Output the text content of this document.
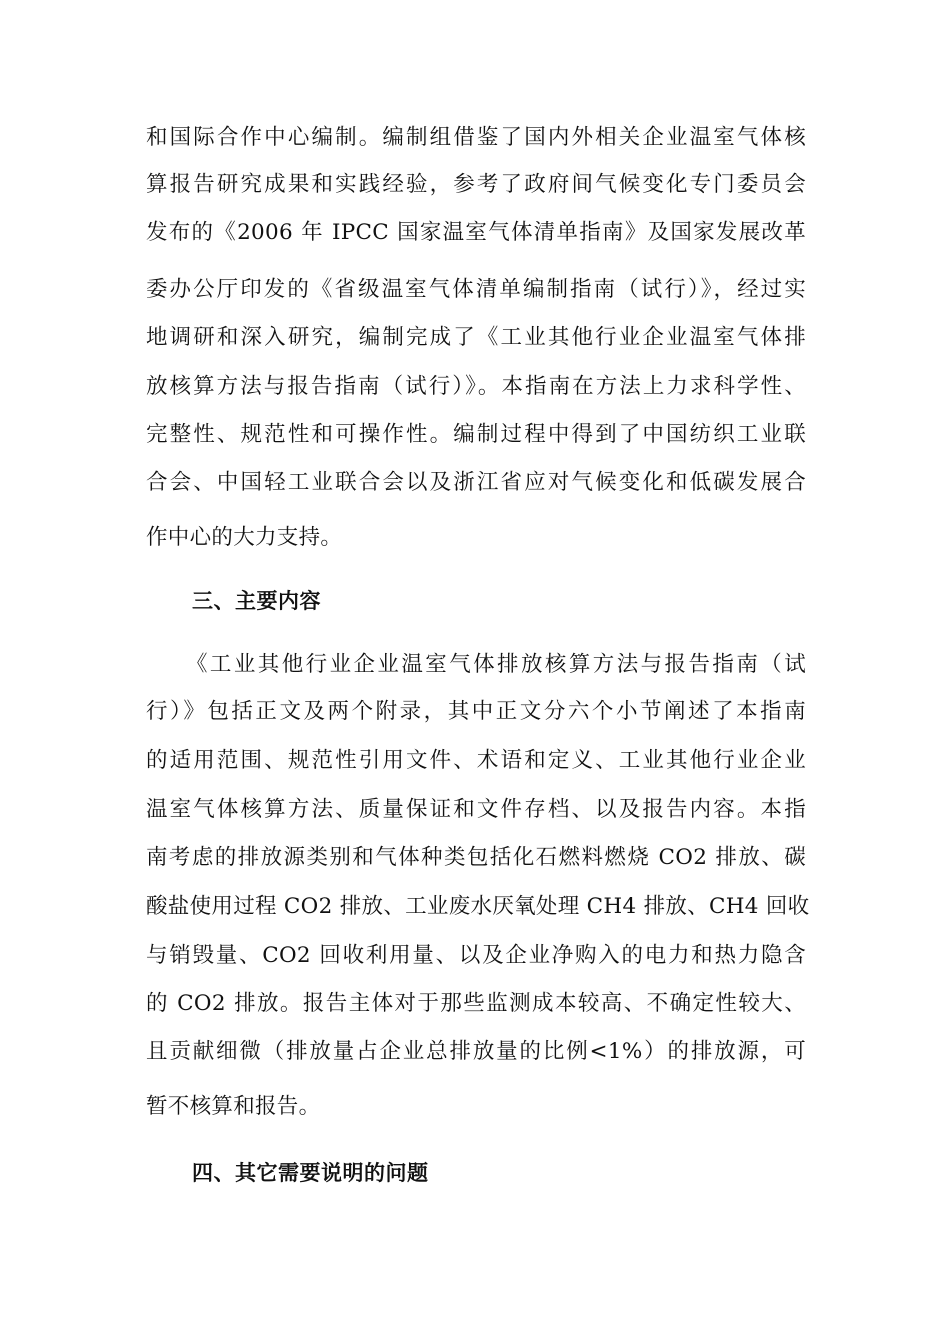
和国际合作中心编制。编制组借鉴了国内外相关企业温室气体核
算报告研究成果和实践经验，参考了政府间气候变化专门委员会
发布的《2006 年 IPCC 国家温室气体清单指南》及国家发展改革
委办公厅印发的《省级温室气体清单编制指南（试行）》，经过实
地调研和深入研究，编制完成了《工业其他行业企业温室气体排
放核算方法与报告指南（试行）》。本指南在方法上力求科学性、
完整性、规范性和可操作性。编制过程中得到了中国纺织工业联
合会、中国轻工业联合会以及浙江省应对气候变化和低碳发展合
作中心的大力支持。
三、主要内容
《工业其他行业企业温室气体排放核算方法与报告指南（试
行）》包括正文及两个附录，其中正文分六个小节阐述了本指南
的适用范围、规范性引用文件、术语和定义、工业其他行业企业
温室气体核算方法、质量保证和文件存档、以及报告内容。本指
南考虑的排放源类别和气体种类包括化石燃料燃烧 CO2 排放、碳
酸盐使用过程 CO2 排放、工业废水厌氧处理 CH4 排放、CH4 回收
与销毁量、CO2 回收利用量、以及企业净购入的电力和热力隐含
的 CO2 排放。报告主体对于那些监测成本较高、不确定性较大、
且贡献细微（排放量占企业总排放量的比例<1%）的排放源，可
暂不核算和报告。
四、其它需要说明的问题
